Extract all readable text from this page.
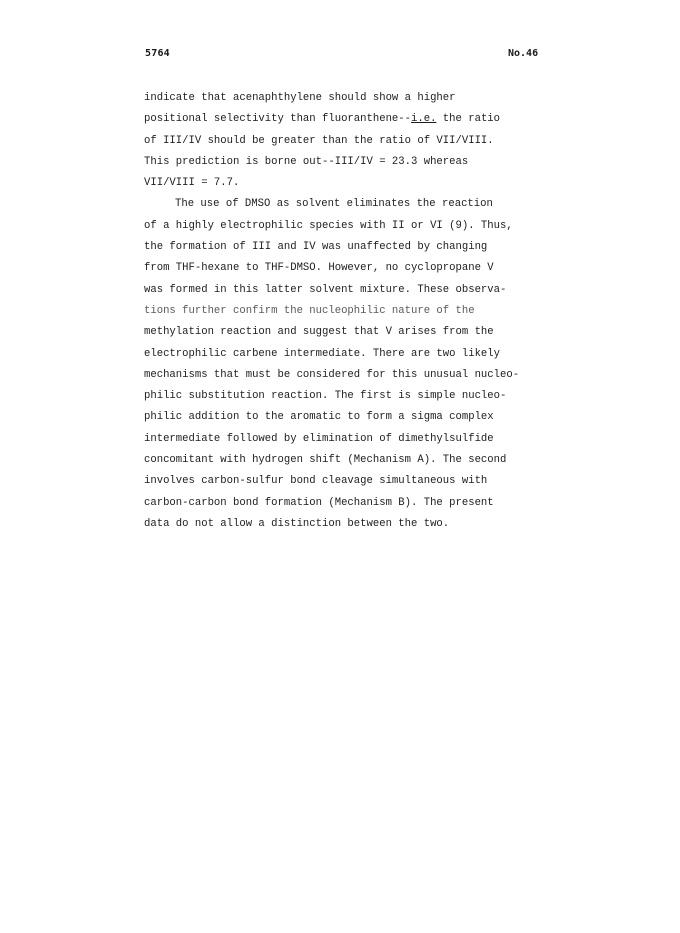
5764	No.46
indicate that acenaphthylene should show a higher
positional selectivity than fluoranthene--i.e. the ratio
of III/IV should be greater than the ratio of VII/VIII.
This prediction is borne out--III/IV = 23.3 whereas
VII/VIII = 7.7.
The use of DMSO as solvent eliminates the reaction
of a highly electrophilic species with II or VI (9). Thus,
the formation of III and IV was unaffected by changing
from THF-hexane to THF-DMSO. However, no cyclopropane V
was formed in this latter solvent mixture. These observa-
tions further confirm the nucleophilic nature of the
methylation reaction and suggest that V arises from the
electrophilic carbene intermediate. There are two likely
mechanisms that must be considered for this unusual nucleo-
philic substitution reaction. The first is simple nucleo-
philic addition to the aromatic to form a sigma complex
intermediate followed by elimination of dimethylsulfide
concomitant with hydrogen shift (Mechanism A). The second
involves carbon-sulfur bond cleavage simultaneous with
carbon-carbon bond formation (Mechanism B). The present
data do not allow a distinction between the two.
